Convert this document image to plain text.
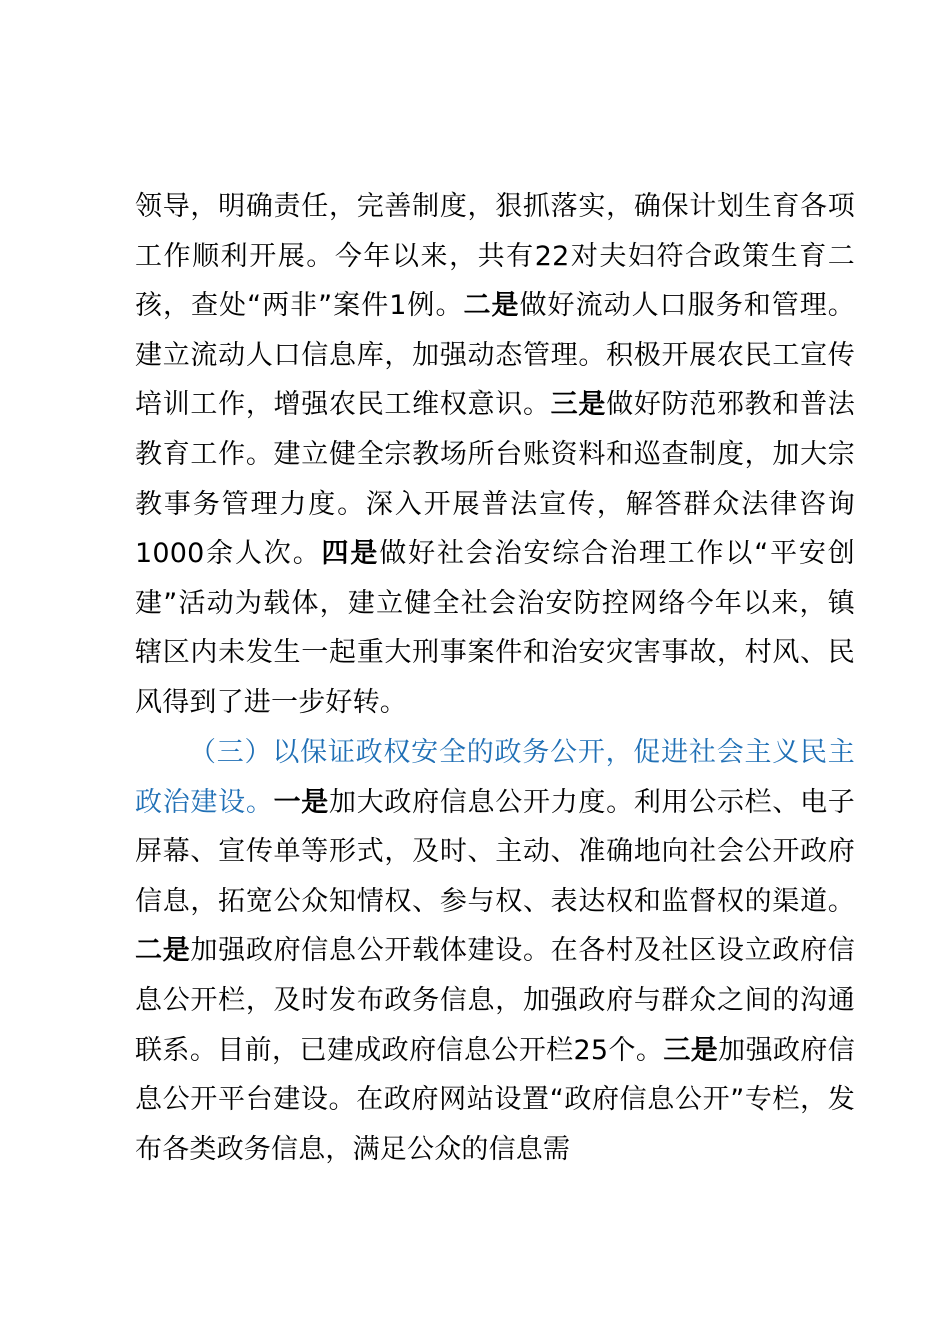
领导，明确责任，完善制度，狠抓落实，确保计划生育各项工作顺利开展。今年以来，共有22对夫妇符合政策生育二孩，查处“两非”案件1例。二是做好流动人口服务和管理。建立流动人口信息库，加强动态管理。积极开展农民工宣传培训工作，增强农民工维权意识。三是做好防范邪教和普法教育工作。建立健全宗教场所台账资料和巡查制度，加大宗教事务管理力度。深入开展普法宣传，解答群众法律咨询1000余人次。四是做好社会治安综合治理工作以“平安创建”活动为载体，建立健全社会治安防控网络今年以来，镇辖区内未发生一起重大刑事案件和治安灾害事故，村风、民风得到了进一步好转。

（三）以保证政权安全的政务公开，促进社会主义民主政治建设。一是加大政府信息公开力度。利用公示栏、电子屏幕、宣传单等形式，及时、主动、准确地向社会公开政府信息，拓宽公众知情权、参与权、表达权和监督权的渠道。二是加强政府信息公开载体建设。在各村及社区设立政府信息公开栏，及时发布政务信息，加强政府与群众之间的沟通联系。目前，已建成政府信息公开栏25个。三是加强政府信息公开平台建设。在政府网站设置“政府信息公开”专栏，发布各类政务信息，满足公众的信息需
